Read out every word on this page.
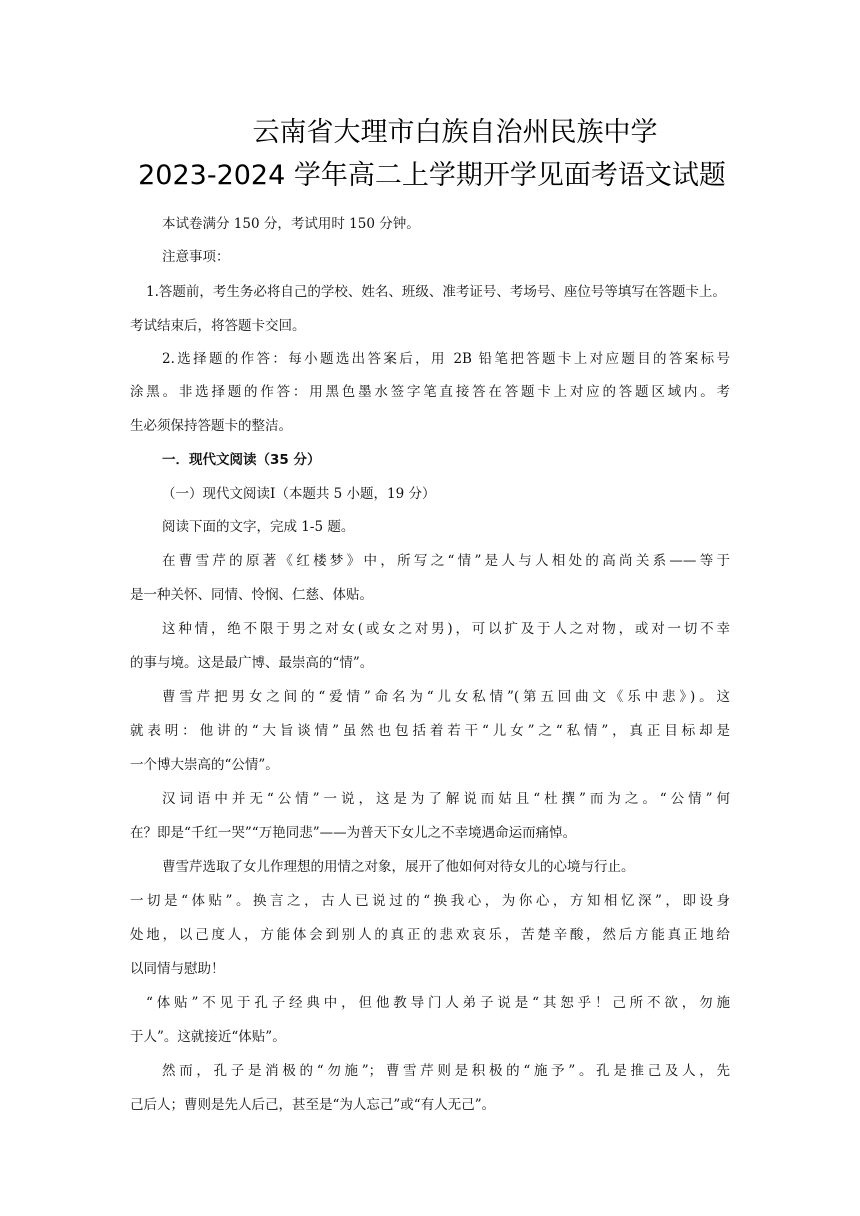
云南省大理市白族自治州民族中学
2023-2024 学年高二上学期开学见面考语文试题
本试卷满分 150 分，考试用时 150 分钟。
注意事项：
1.答题前，考生务必将自己的学校、姓名、班级、准考证号、考场号、座位号等填写在答题卡上。
考试结束后，将答题卡交回。
2.选择题的作答：每小题选出答案后，用 2B 铅笔把答题卡上对应题目的答案标号
涂黑。非选择题的作答：用黑色墨水签字笔直接答在答题卡上对应的答题区域内。考
生必须保持答题卡的整洁。
一．现代文阅读（35 分）
（一）现代文阅读Ⅰ（本题共 5 小题，19 分）
阅读下面的文字，完成 1-5 题。
在曹雪芹的原著《红楼梦》中，所写之“情”是人与人相处的高尚关系——等于
是一种关怀、同情、怜悯、仁慈、体贴。
这种情，绝不限于男之对女(或女之对男)，可以扩及于人之对物，或对一切不幸
的事与境。这是最广博、最崇高的“情”。
曹雪芹把男女之间的“爱情”命名为“儿女私情”(第五回曲文《乐中悲》)。这
就表明：他讲的“大旨谈情”虽然也包括着若干“儿女”之“私情”，真正目标却是
一个博大崇高的“公情”。
汉词语中并无“公情”一说，这是为了解说而姑且“杜撰”而为之。“公情”何
在？即是“千红一哭”“万艳同悲”——为普天下女儿之不幸境遇命运而痛悼。
曹雪芹选取了女儿作理想的用情之对象，展开了他如何对待女儿的心境与行止。
一切是“体贴”。换言之，古人已说过的“换我心，为你心，方知相忆深”，即设身
处地，以己度人，方能体会到别人的真正的悲欢哀乐，苦楚辛酸，然后方能真正地给
以同情与慰助！
“体贴”不见于孔子经典中，但他教导门人弟子说是“其恕乎！己所不欲，勿施
于人”。这就接近“体贴”。
然而，孔子是消极的“勿施”；曹雪芹则是积极的“施予”。孔是推己及人，先
己后人；曹则是先人后己，甚至是“为人忘己”或“有人无己”。
